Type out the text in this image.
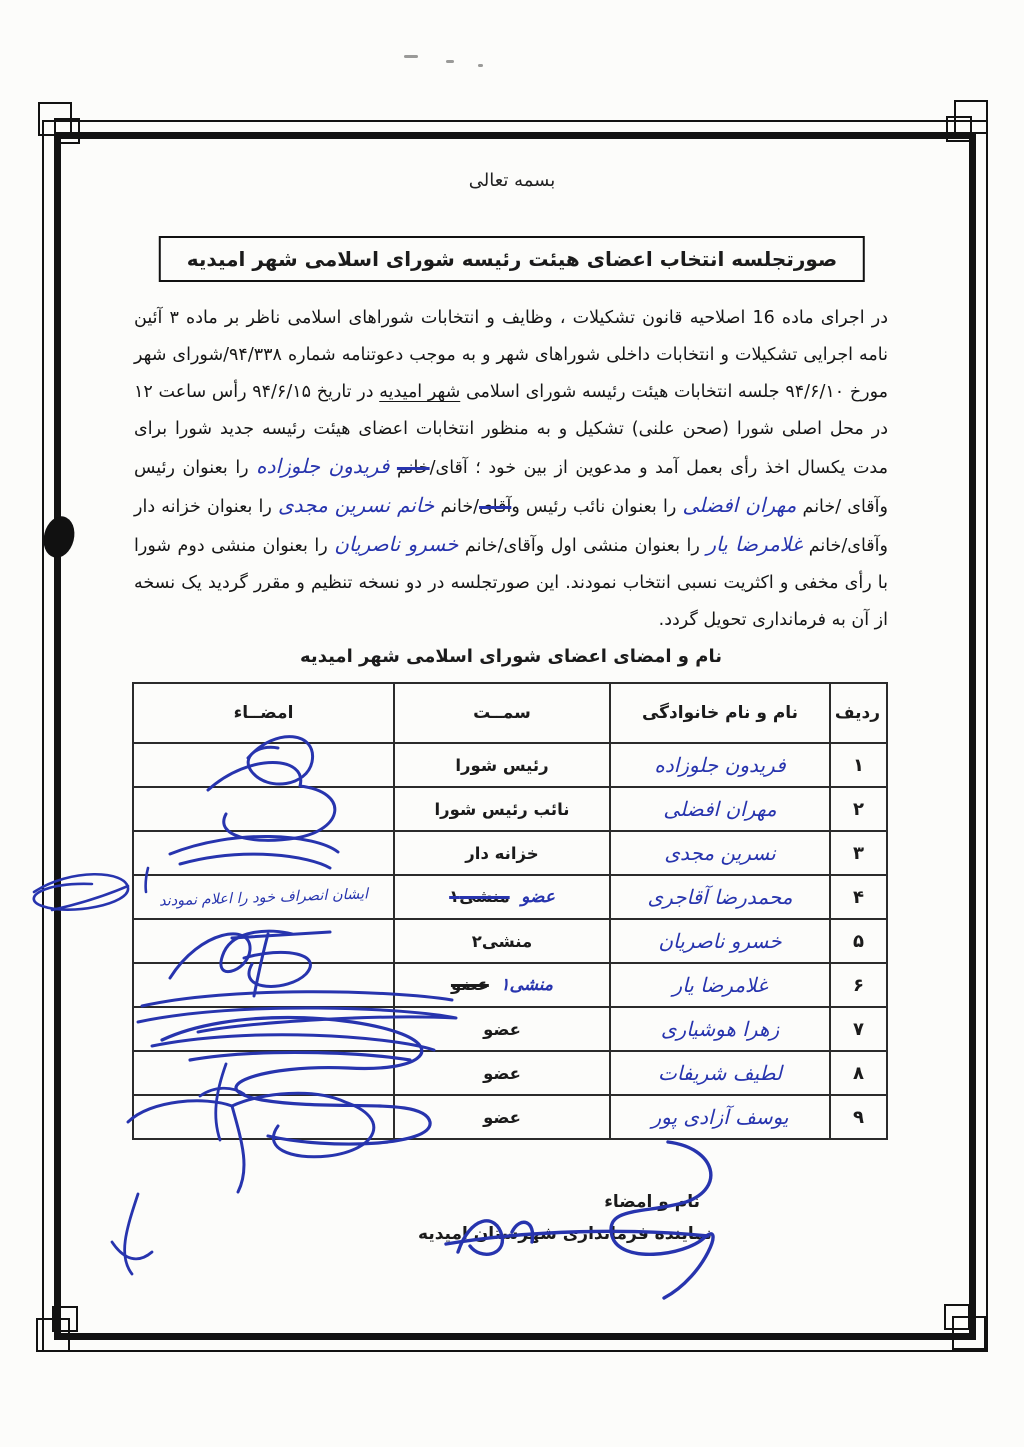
بسمه تعالی
صورتجلسه انتخاب اعضای هیئت رئیسه شورای اسلامی شهر امیدیه
در اجرای ماده 16 اصلاحیه قانون تشکیلات ، وظایف و انتخابات شوراهای اسلامی ناظر بر ماده ۳ آئین نامه اجرایی تشکیلات و انتخابات داخلی شوراهای شهر و به موجب دعوتنامه شماره ۹۴/۳۳۸/شورای شهر مورخ ۹۴/۶/۱۰ جلسه انتخابات هیئت رئیسه شورای اسلامی شهر امیدیه در تاریخ ۹۴/۶/۱۵ رأس ساعت ۱۲ در محل اصلی شورا (صحن علنی) تشکیل و به منظور انتخابات اعضای هیئت رئیسه جدید شورا برای مدت یکسال اخذ رأی بعمل آمد و مدعوین از بین خود ؛ آقای/خانم فریدون جلوزاده را بعنوان رئیس وآقای /خانم مهران افضلی را بعنوان نائب رئیس وآقای/خانم خانم نسرین مجدی را بعنوان خزانه دار وآقای/خانم غلامرضا یار را بعنوان منشی اول وآقای/خانم خسرو ناصریان را بعنوان منشی دوم شورا با رأی مخفی و اکثریت نسبی انتخاب نمودند. این صورتجلسه در دو نسخه تنظیم و مقرر گردید یک نسخه از آن به فرمانداری تحویل گردد.
نام و امضای اعضای شورای اسلامی شهر امیدیه
ردیف	نام و نام خانوادگی	سمــت	امضــاء
۱	فریدون جلوزاده	رئیس شورا	
۲	مهران افضلی	نائب رئیس شورا	
۳	نسرین مجدی	خزانه دار	
۴	محمدرضا آقاجری	عضو  منشی۱	ایشان انصراف خود را اعلام نمودند
۵	خسرو ناصریان	منشی۲	
۶	غلامرضا یار	منشی۱  عضو	
۷	زهرا هوشیاری	عضو	
۸	لطیف شریفات	عضو	
۹	یوسف آزادی پور	عضو	
نام و امضاء
نماینده فرمانداری شهرستان امیدیه
